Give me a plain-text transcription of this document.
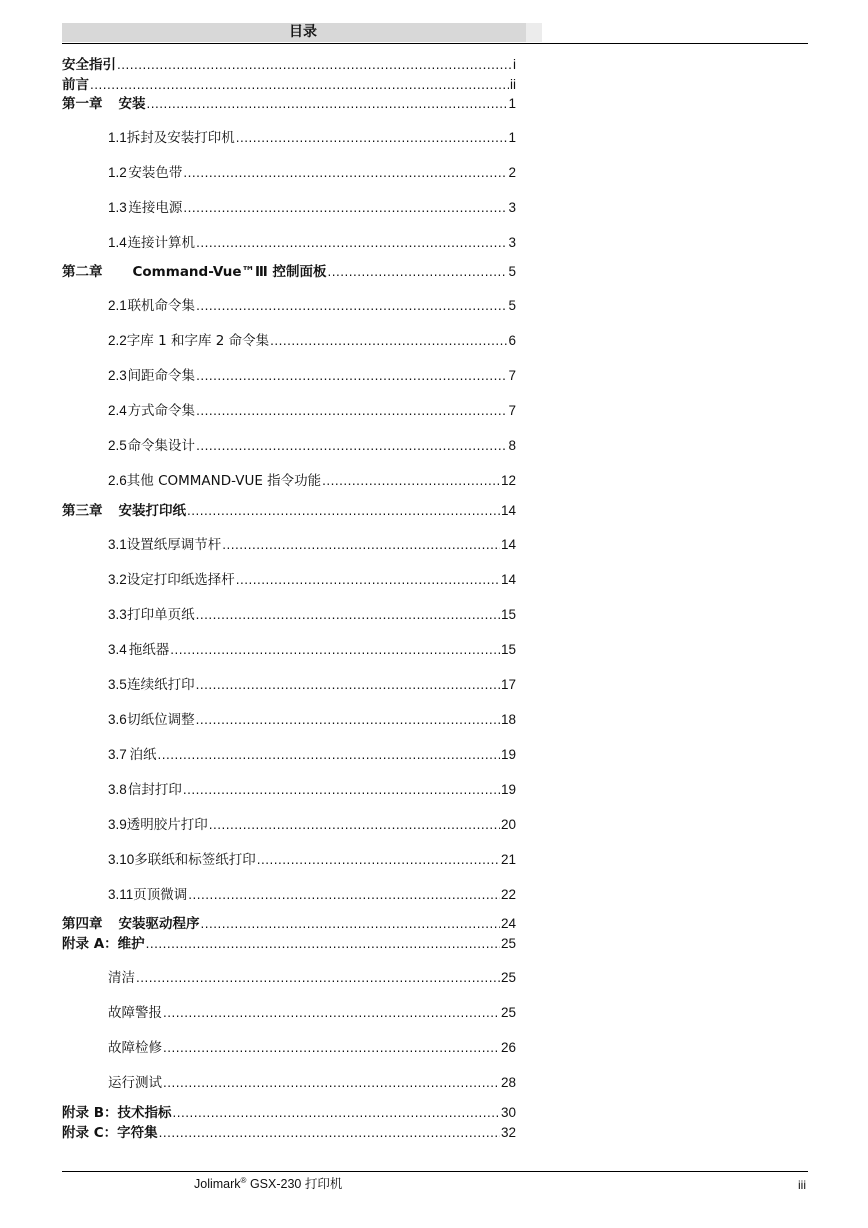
目录
安全指引 .....	i
前言 .....	ii
第一章 安装 .....	1
1.1 拆封及安装打印机 .....	1
1.2 安装色带 .....	2
1.3 连接电源 .....	3
1.4 连接计算机 .....	3
第二章 Command-Vue™Ⅲ 控制面板 .....	5
2.1 联机命令集 .....	5
2.2 字库 1 和字库 2 命令集 .....	6
2.3 间距命令集 .....	7
2.4 方式命令集 .....	7
2.5 命令集设计 .....	8
2.6 其他 COMMAND-VUE 指令功能 .....	12
第三章 安装打印纸 .....	14
3.1 设置纸厚调节杆 .....	14
3.2 设定打印纸选择杆 .....	14
3.3 打印单页纸 .....	15
3.4 拖纸器 .....	15
3.5 连续纸打印 .....	17
3.6 切纸位调整 .....	18
3.7 泊纸 .....	19
3.8 信封打印 .....	19
3.9 透明胶片打印 .....	20
3.10 多联纸和标签纸打印 .....	21
3.11 页顶微调 .....	22
第四章 安装驱动程序 .....	24
附录 A：维护 .....	25
清洁 .....	25
故障警报 .....	25
故障检修 .....	26
运行测试 .....	28
附录 B：技术指标 .....	30
附录 C：字符集 .....	32
Jolimark® GSX-230 打印机	iii
